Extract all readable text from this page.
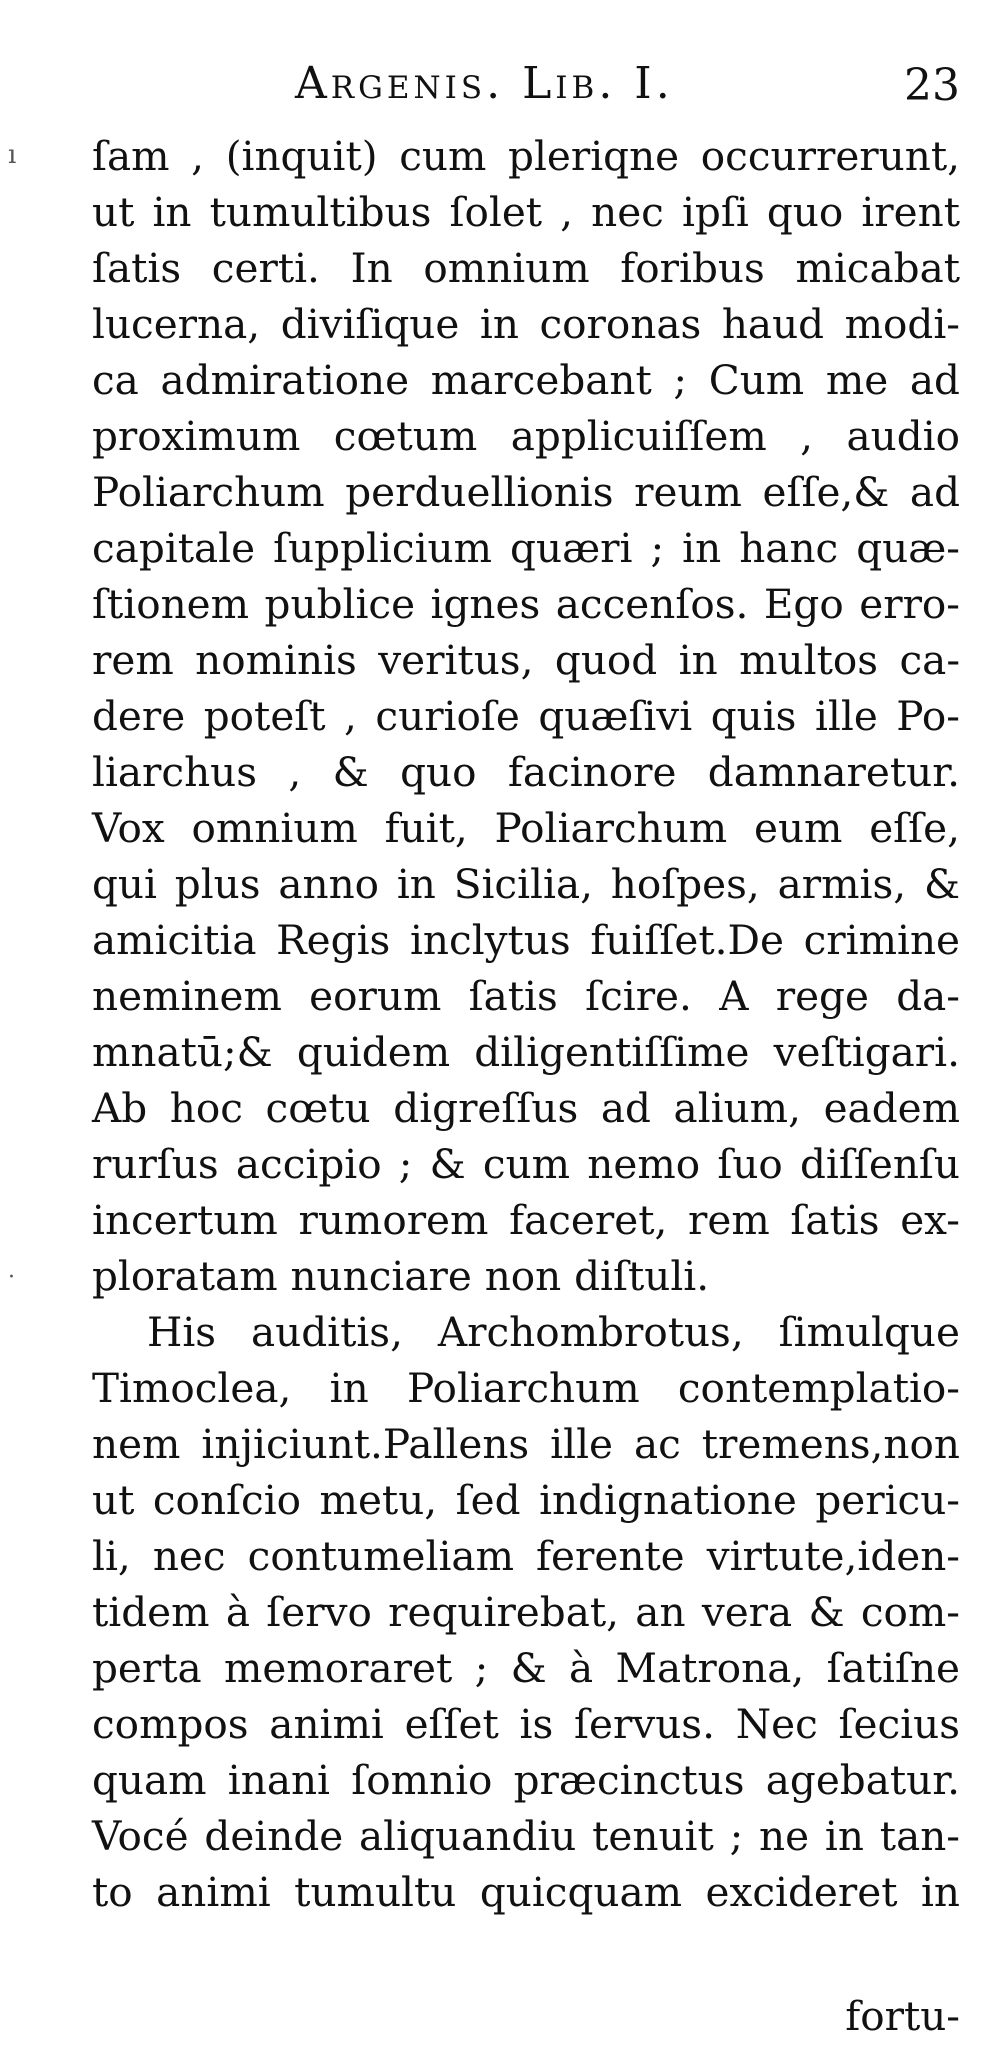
Argenis. Lib. I.	23
ı
·
ſam , (inquit) cum pleriqne occurrerunt,
ut in tumultibus ſolet , nec ipſi quo irent
ſatis certi. In omnium foribus micabat
lucerna, diviſique in coronas haud modi-
ca admiratione marcebant ; Cum me ad
proximum cœtum applicuiſſem , audio
Poliarchum perduellionis reum eſſe,& ad
capitale ſupplicium quæri ; in hanc quæ-
ſtionem publice ignes accenſos. Ego erro-
rem nominis veritus, quod in multos ca-
dere poteſt , curioſe quæſivi quis ille Po-
liarchus , & quo facinore damnaretur.
Vox omnium fuit, Poliarchum eum eſſe,
qui plus anno in Sicilia, hoſpes, armis, &
amicitia Regis inclytus fuiſſet.De crimine
neminem eorum ſatis ſcire. A rege da-
mnatū;& quidem diligentiſſime veſtigari.
Ab hoc cœtu digreſſus ad alium, eadem
rurſus accipio ; & cum nemo ſuo diſſenſu
incertum rumorem faceret, rem ſatis ex-
ploratam nunciare non diſtuli.
His auditis, Archombrotus, ſimulque
Timoclea, in Poliarchum contemplatio-
nem injiciunt.Pallens ille ac tremens,non
ut conſcio metu, ſed indignatione pericu-
li, nec contumeliam ferente virtute,iden-
tidem à ſervo requirebat, an vera & com-
perta memoraret ; & à Matrona, ſatiſne
compos animi eſſet is ſervus. Nec ſecius
quam inani ſomnio præcinctus agebatur.
Vocé deinde aliquandiu tenuit ; ne in tan-
to animi tumultu quicquam excideret in
fortu-
